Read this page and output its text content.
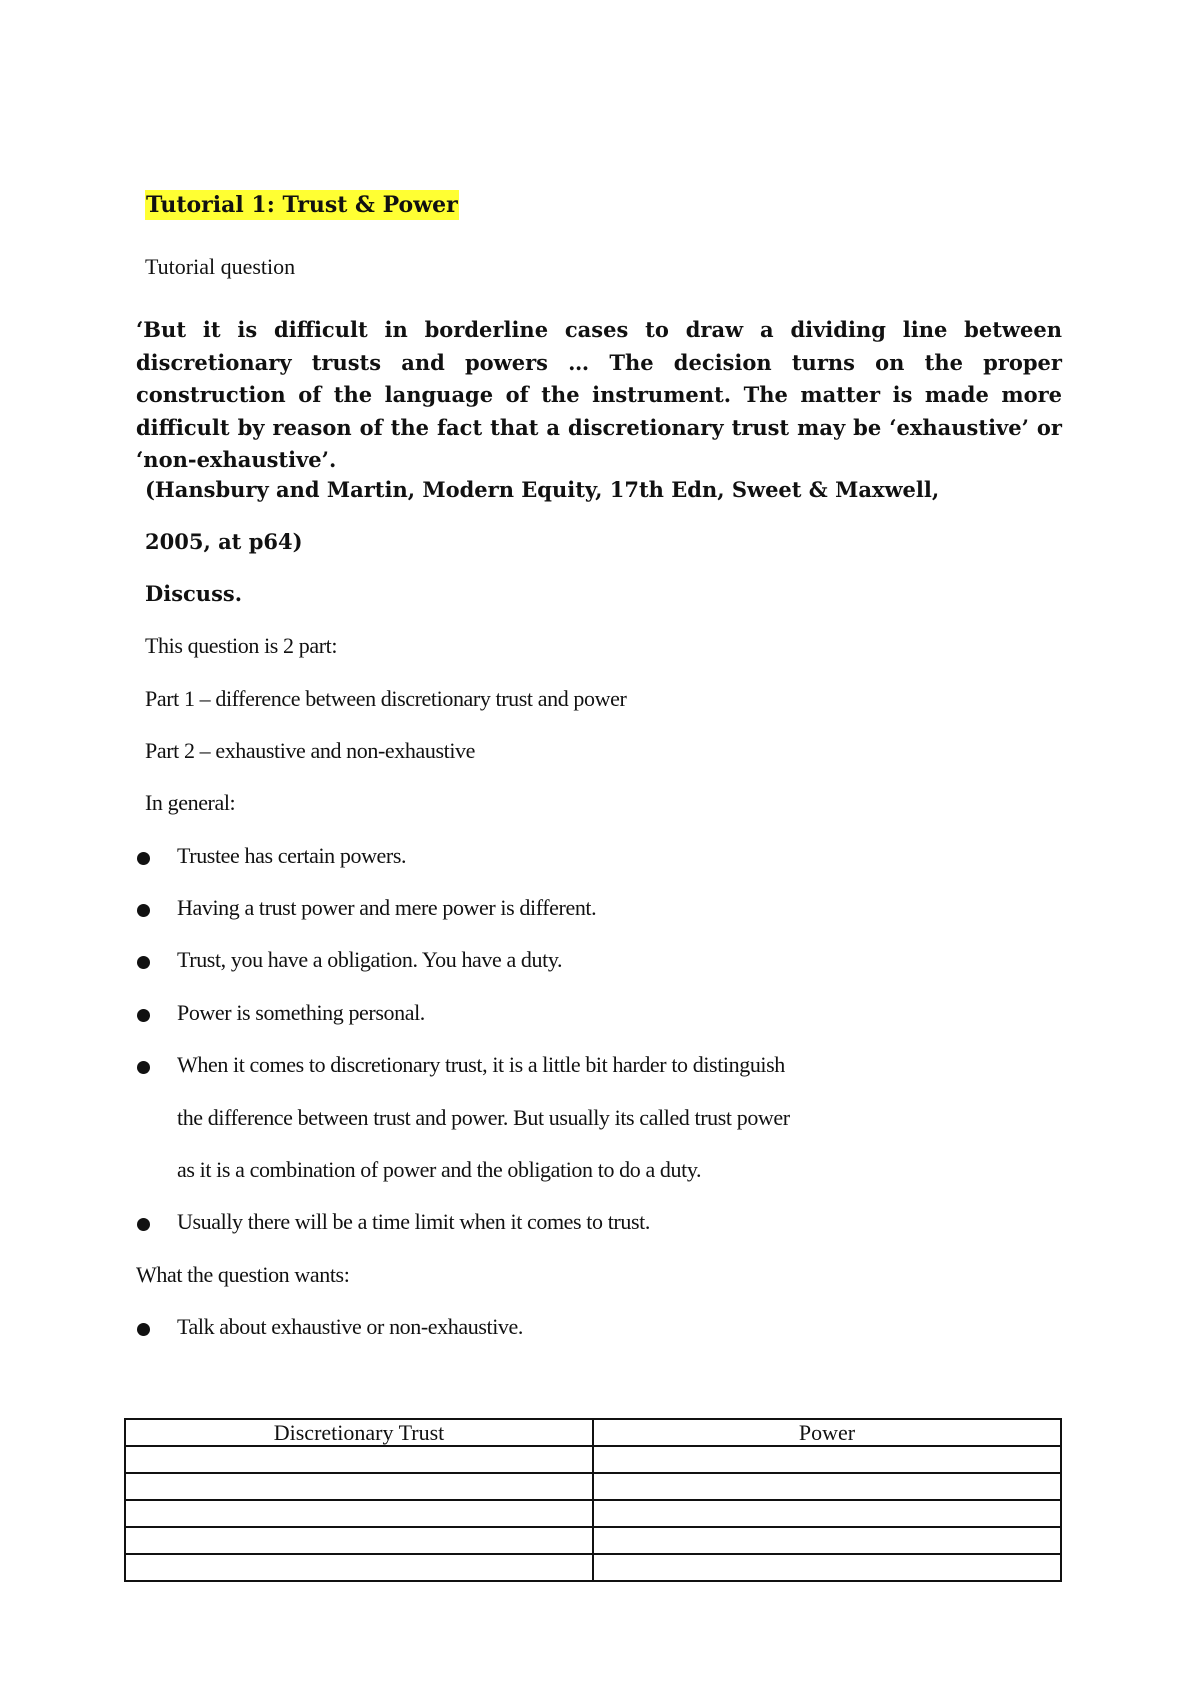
Tutorial 1: Trust & Power
Tutorial question
‘But it is difficult in borderline cases to draw a dividing line between discretionary trusts and powers … The decision turns on the proper construction of the language of the instrument. The matter is made more difficult by reason of the fact that a discretionary trust may be ‘exhaustive’ or ‘non-exhaustive’.
(Hansbury and Martin, Modern Equity, 17th Edn, Sweet & Maxwell,
2005, at p64)
Discuss.
This question is 2 part:
Part 1 – difference between discretionary trust and power
Part 2 – exhaustive and non-exhaustive
In general:
Trustee has certain powers.
Having a trust power and mere power is different.
Trust, you have a obligation. You have a duty.
Power is something personal.
When it comes to discretionary trust, it is a little bit harder to distinguish
the difference between trust and power. But usually its called trust power
as it is a combination of power and the obligation to do a duty.
Usually there will be a time limit when it comes to trust.
What the question wants:
Talk about exhaustive or non-exhaustive.
Discretionary Trust	Power
